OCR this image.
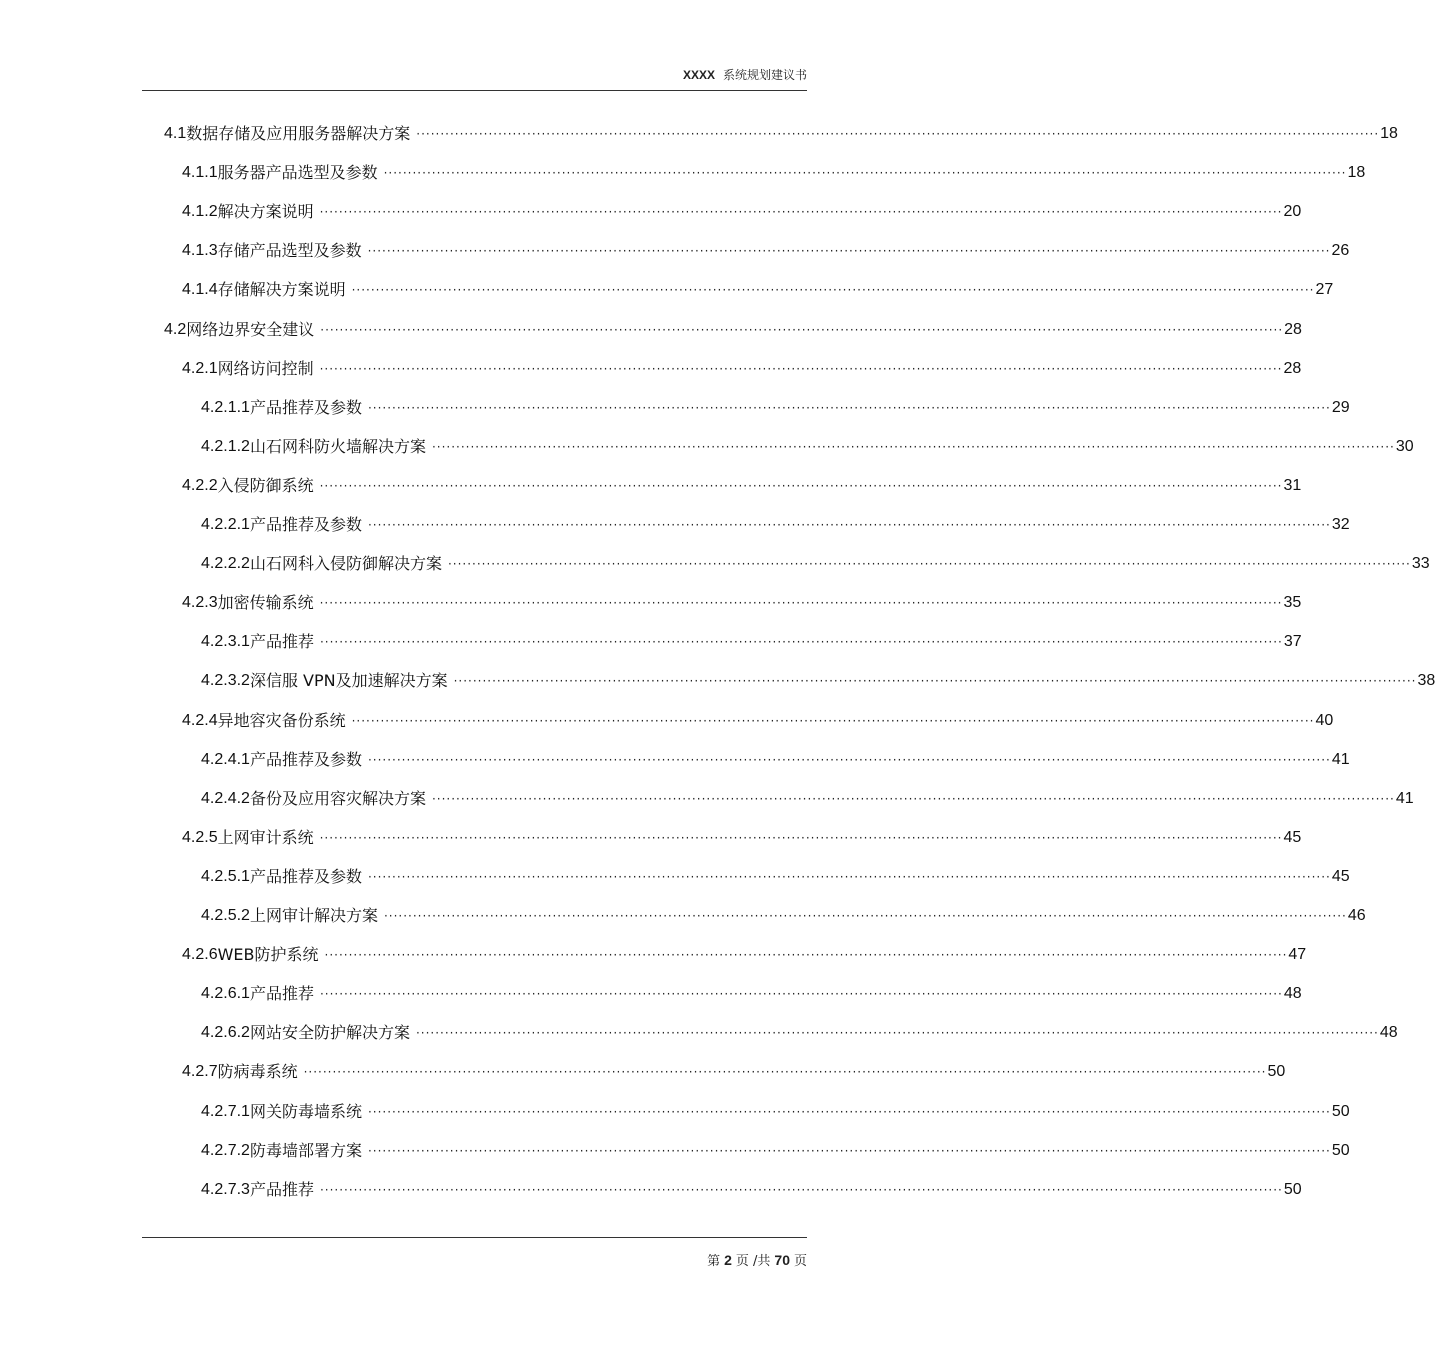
XXXX 系统规划建议书
4.1 数据存储及应用服务器解决方案 ········································································································································································································ 18
4.1.1 服务器产品选型及参数 ········································································································································································································ 18
4.1.2 解决方案说明 ········································································································································································································ 20
4.1.3 存储产品选型及参数 ········································································································································································································ 26
4.1.4 存储解决方案说明 ········································································································································································································ 27
4.2 网络边界安全建议 ········································································································································································································ 28
4.2.1 网络访问控制 ········································································································································································································ 28
4.2.1.1 产品推荐及参数 ········································································································································································································ 29
4.2.1.2 山石网科防火墙解决方案 ········································································································································································································ 30
4.2.2 入侵防御系统 ········································································································································································································ 31
4.2.2.1 产品推荐及参数 ········································································································································································································ 32
4.2.2.2 山石网科入侵防御解决方案 ········································································································································································································ 33
4.2.3 加密传输系统 ········································································································································································································ 35
4.2.3.1 产品推荐 ········································································································································································································ 37
4.2.3.2 深信服 VPN及加速解决方案 ········································································································································································································ 38
4.2.4 异地容灾备份系统 ········································································································································································································ 40
4.2.4.1 产品推荐及参数 ········································································································································································································ 41
4.2.4.2 备份及应用容灾解决方案 ········································································································································································································ 41
4.2.5 上网审计系统 ········································································································································································································ 45
4.2.5.1 产品推荐及参数 ········································································································································································································ 45
4.2.5.2 上网审计解决方案 ········································································································································································································ 46
4.2.6 WEB防护系统 ········································································································································································································ 47
4.2.6.1 产品推荐 ········································································································································································································ 48
4.2.6.2 网站安全防护解决方案 ········································································································································································································ 48
4.2.7 防病毒系统 ········································································································································································································ 50
4.2.7.1 网关防毒墙系统 ········································································································································································································ 50
4.2.7.2 防毒墙部署方案 ········································································································································································································ 50
4.2.7.3 产品推荐 ········································································································································································································ 50
第 2 页 /共 70 页
